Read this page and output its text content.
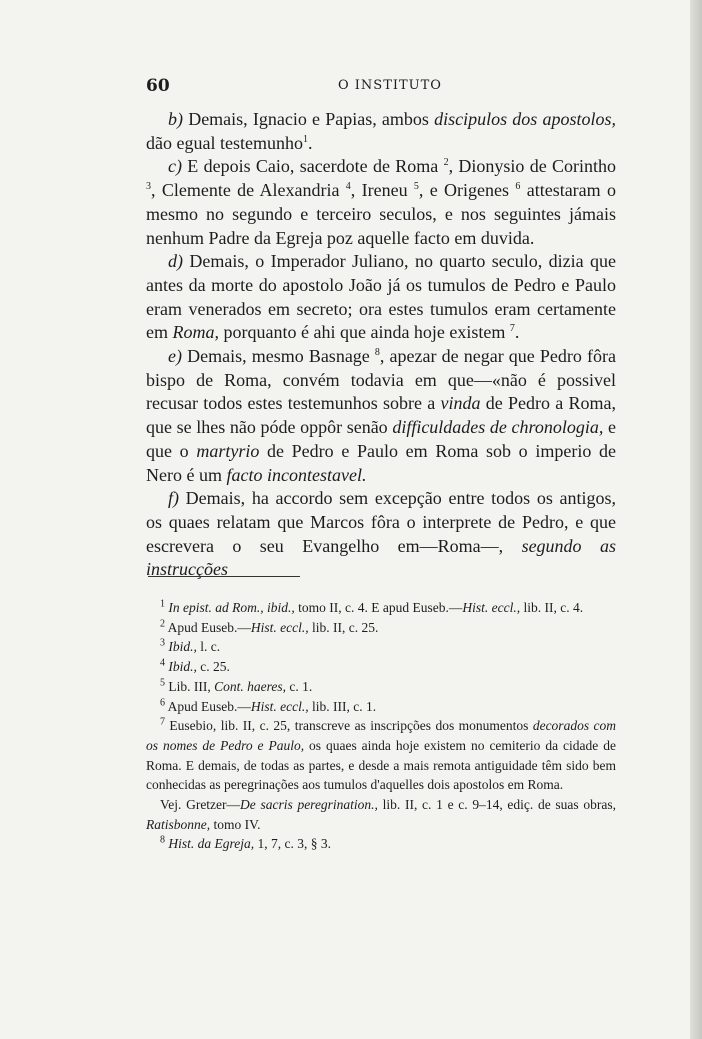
60	O INSTITUTO

b) Demais, Ignacio e Papias, ambos discipulos dos apostolos, dão egual testemunho$^1$.

c) E depois Caio, sacerdote de Roma $^2$, Dionysio de Corintho $^3$, Clemente de Alexandria $^4$, Ireneu $^5$, e Origenes $^6$ attestaram o mesmo no segundo e terceiro seculos, e nos seguintes jámais nenhum Padre da Egreja poz aquelle facto em duvida.

d) Demais, o Imperador Juliano, no quarto seculo, dizia que antes da morte do apostolo João já os tumulos de Pedro e Paulo eram venerados em secreto; ora estes tumulos eram certamente em Roma, porquanto é ahi que ainda hoje existem $^7$.

e) Demais, mesmo Basnage $^8$, apezar de negar que Pedro fôra bispo de Roma, convém todavia em que—«não é possivel recusar todos estes testemunhos sobre a vinda de Pedro a Roma, que se lhes não póde oppôr senão difficuldades de chronologia, e que o martyrio de Pedro e Paulo em Roma sob o imperio de Nero é um facto incontestavel.

f) Demais, ha accordo sem excepção entre todos os antigos, os quaes relatam que Marcos fôra o interprete de Pedro, e que escrevera o seu Evangelho em—Roma—, segundo as instrucções

$^1$ In epist. ad Rom., ibid., tomo II, c. 4. E apud Euseb.—Hist. eccl., lib. II, c. 4.

$^2$ Apud Euseb.—Hist. eccl., lib. II, c. 25.

$^3$ Ibid., l. c.

$^4$ Ibid., c. 25.

$^5$ Lib. III, Cont. haeres, c. 1.

$^6$ Apud Euseb.—Hist. eccl., lib. III, c. 1.

$^7$ Eusebio, lib. II, c. 25, transcreve as inscripções dos monumentos decorados com os nomes de Pedro e Paulo, os quaes ainda hoje existem no cemiterio da cidade de Roma. E demais, de todas as partes, e desde a mais remota antiguidade têm sido bem conhecidas as peregrinações aos tumulos d'aquelles dois apostolos em Roma.

Vej. Gretzer—De sacris peregrination., lib. II, c. 1 e c. 9–14, ediç. de suas obras, Ratisbonne, tomo IV.

$^8$ Hist. da Egreja, 1, 7, c. 3, § 3.
